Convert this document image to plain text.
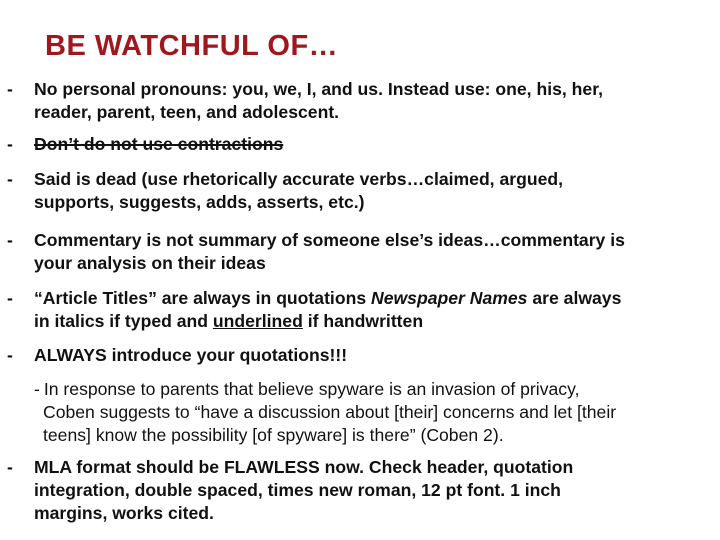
BE WATCHFUL OF…
- No personal pronouns: you, we, I, and us. Instead use: one, his, her,
reader, parent, teen, and adolescent.
- Don’t do not use contractions
- Said is dead (use rhetorically accurate verbs…claimed, argued,
supports, suggests, adds, asserts, etc.)
- Commentary is not summary of someone else’s ideas…commentary is
your analysis on their ideas
- “Article Titles” are always in quotations Newspaper Names are always
in italics if typed and underlined if handwritten
- ALWAYS introduce your quotations!!!
- In response to parents that believe spyware is an invasion of privacy,
Coben suggests to “have a discussion about [their] concerns and let [their
teens] know the possibility [of spyware] is there” (Coben 2).
- MLA format should be FLAWLESS now. Check header, quotation
integration, double spaced, times new roman, 12 pt font. 1 inch
margins, works cited.
